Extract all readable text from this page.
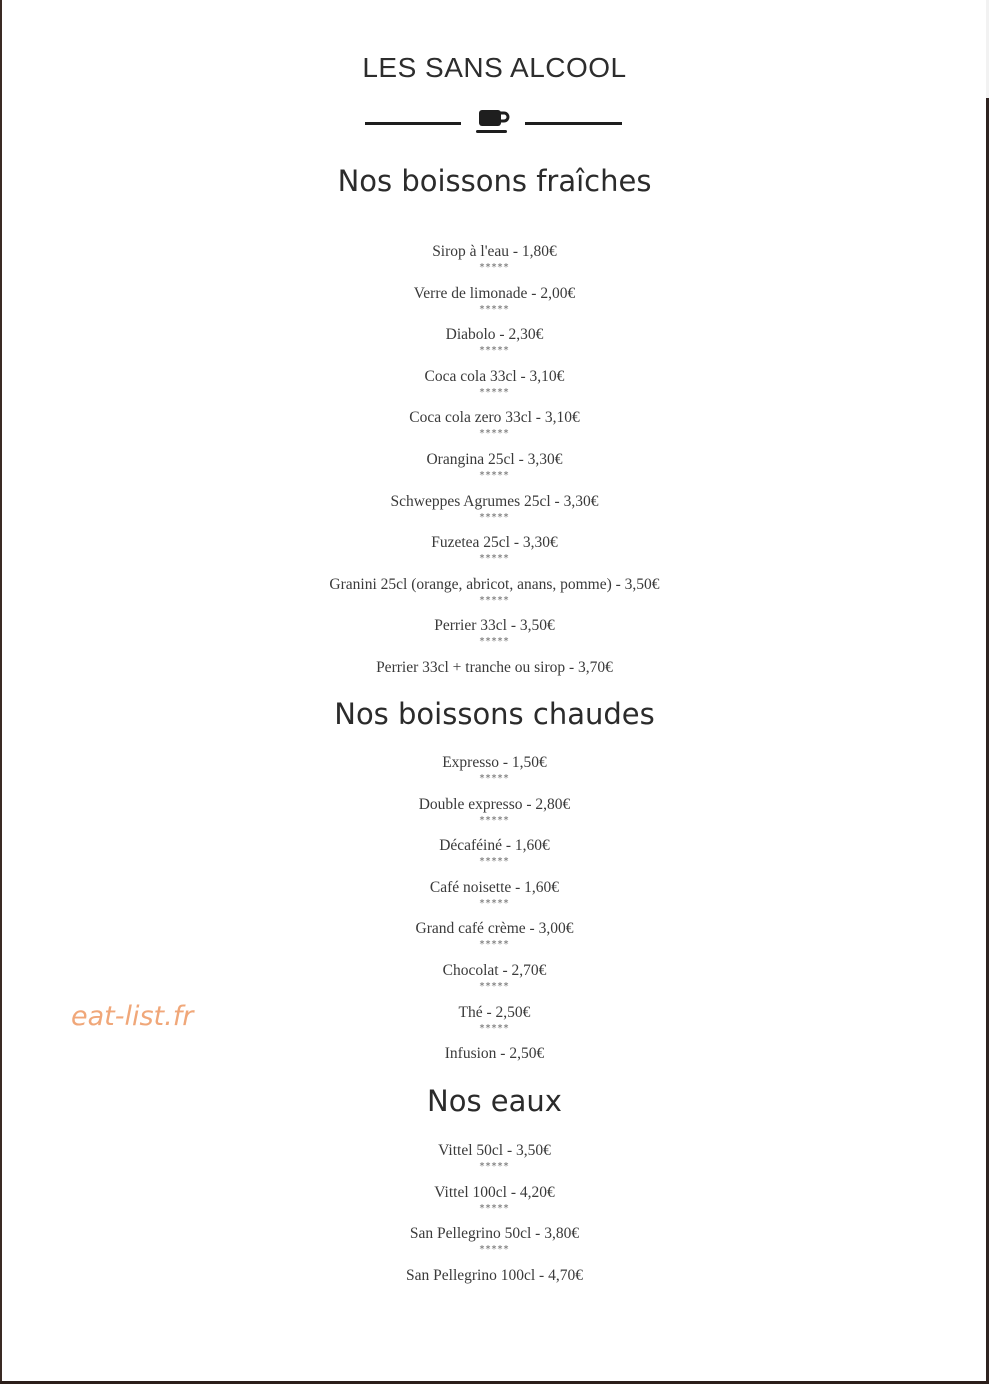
LES SANS ALCOOL
Nos boissons fraîches
Sirop à l'eau - 1,80€
*****
Verre de limonade - 2,00€
*****
Diabolo - 2,30€
*****
Coca cola 33cl - 3,10€
*****
Coca cola zero 33cl - 3,10€
*****
Orangina 25cl - 3,30€
*****
Schweppes Agrumes 25cl - 3,30€
*****
Fuzetea 25cl - 3,30€
*****
Granini 25cl (orange, abricot, anans, pomme) - 3,50€
*****
Perrier 33cl - 3,50€
*****
Perrier 33cl + tranche ou sirop - 3,70€
Nos boissons chaudes
Expresso - 1,50€
*****
Double expresso - 2,80€
*****
Décaféiné - 1,60€
*****
Café noisette - 1,60€
*****
Grand café crème - 3,00€
*****
Chocolat - 2,70€
*****
Thé - 2,50€
*****
Infusion - 2,50€
Nos eaux
Vittel 50cl - 3,50€
*****
Vittel 100cl - 4,20€
*****
San Pellegrino 50cl - 3,80€
*****
San Pellegrino 100cl - 4,70€
eat-list.fr
